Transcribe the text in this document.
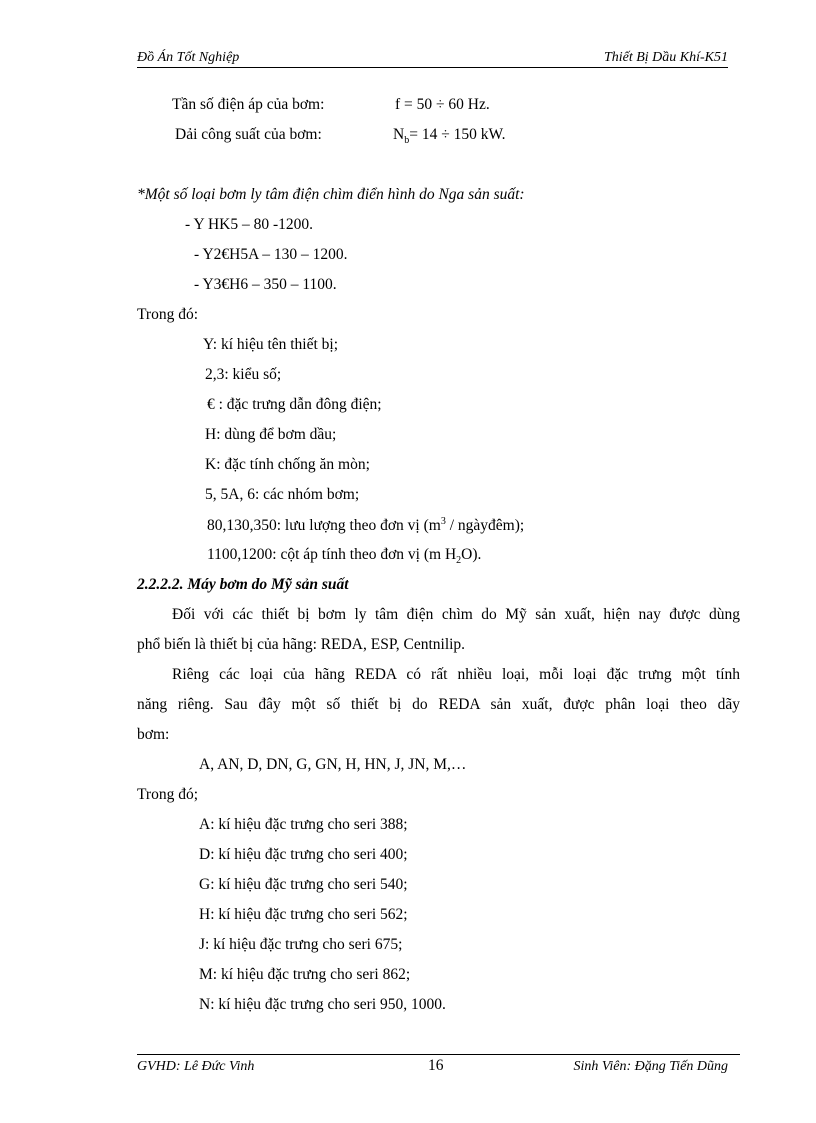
Đồ Án Tốt Nghiệp	Thiết Bị Dầu Khí-K51
Tần số điện áp của bơm:	f = 50 ÷ 60 Hz.
Dải công suất của bơm:	$N_b= 14 \div 150$ kW.
*Một số loại bơm ly tâm điện chìm điển hình do Nga sản suất:
- Y HK5 – 80 -1200.
- Y2€H5A – 130 – 1200.
- Y3€H6 – 350 – 1100.
Trong đó:
Y: kí hiệu tên thiết bị;
2,3: kiểu số;
€ : đặc trưng dẫn đông điện;
H: dùng để bơm dầu;
K: đặc tính chống ăn mòn;
5, 5A, 6: các nhóm bơm;
80,130,350: lưu lượng theo đơn vị ($m^3$ / ngàyđêm);
1100,1200: cột áp tính theo đơn vị (m $H_2O$).
2.2.2.2. Máy bơm do Mỹ sản suất
Đối với các thiết bị bơm ly tâm điện chìm do Mỹ sản xuất, hiện nay được dùng
phổ biến là thiết bị của hãng: REDA, ESP, Centnilip.
Riêng các loại của hãng REDA có rất nhiều loại, mỗi loại đặc trưng một tính
năng riêng. Sau đây một số thiết bị do REDA sản xuất, được phân loại theo dãy
bơm:
A, AN, D, DN, G, GN, H, HN, J, JN, M,…
Trong đó;
A: kí hiệu đặc trưng cho seri 388;
D: kí hiệu đặc trưng cho seri 400;
G: kí hiệu đặc trưng cho seri 540;
H: kí hiệu đặc trưng cho seri 562;
J: kí hiệu đặc trưng cho seri 675;
M: kí hiệu đặc trưng cho seri 862;
N: kí hiệu đặc trưng cho seri 950, 1000.
GVHD: Lê Đức Vinh	16	Sinh Viên: Đặng Tiến Dũng
